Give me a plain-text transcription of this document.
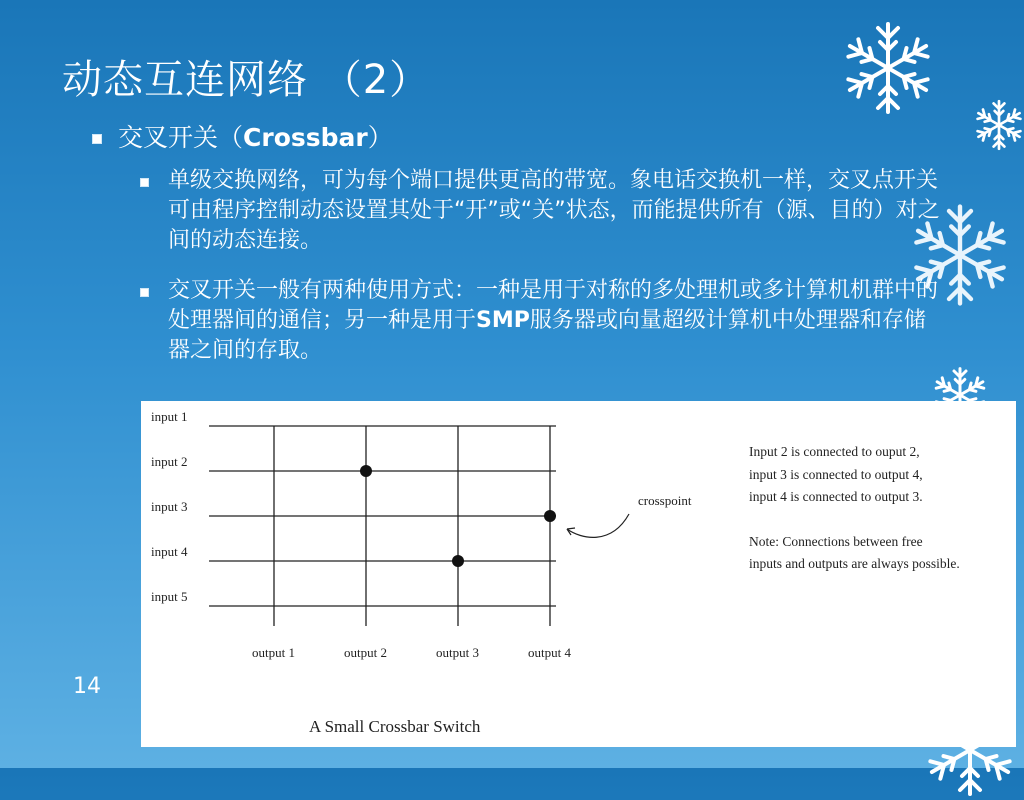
动态互连网络 （2）
交叉开关（Crossbar）
单级交换网络，可为每个端口提供更高的带宽。象电话交换机一样，交叉点开关可由程序控制动态设置其处于“开”或“关”状态，而能提供所有（源、目的）对之间的动态连接。
交叉开关一般有两种使用方式：一种是用于对称的多处理机或多计算机机群中的处理器间的通信；另一种是用于SMP服务器或向量超级计算机中处理器和存储器之间的存取。
14
input 1
input 2
input 3
input 4
input 5
output 1	output 2	output 3	output 4
crosspoint

Input 2 is connected to ouput 2,

input 3 is connected to output 4,

input 4 is connected to output 3.

Note: Connections between free

inputs and outputs are always possible.

A Small Crossbar Switch
